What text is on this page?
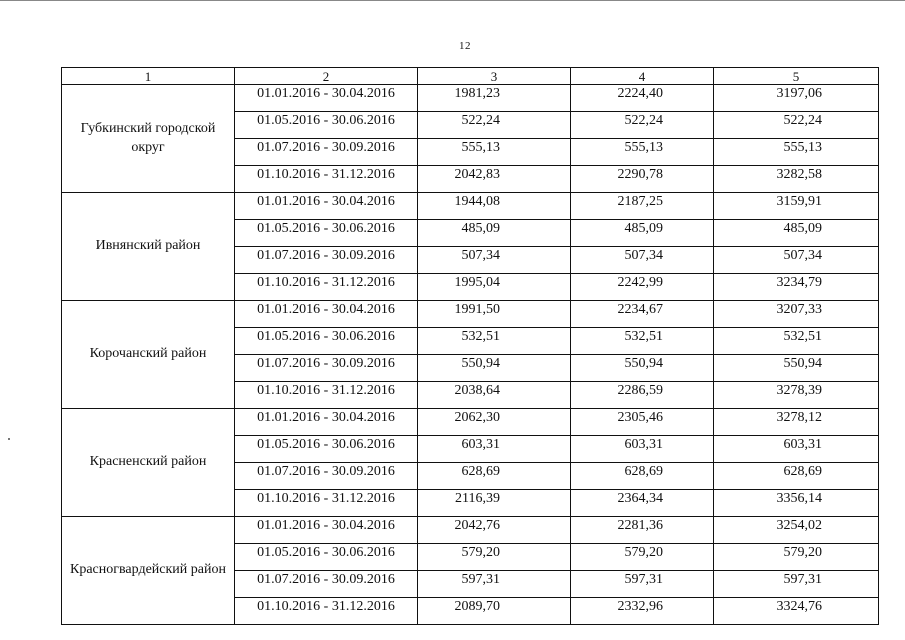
12
1	2	3	4	5
Губкинский городской округ	01.01.2016 - 30.04.2016	1981,23	2224,40	3197,06
	01.05.2016 - 30.06.2016	522,24	522,24	522,24
	01.07.2016 - 30.09.2016	555,13	555,13	555,13
	01.10.2016 - 31.12.2016	2042,83	2290,78	3282,58
Ивнянский район	01.01.2016 - 30.04.2016	1944,08	2187,25	3159,91
	01.05.2016 - 30.06.2016	485,09	485,09	485,09
	01.07.2016 - 30.09.2016	507,34	507,34	507,34
	01.10.2016 - 31.12.2016	1995,04	2242,99	3234,79
Корочанский район	01.01.2016 - 30.04.2016	1991,50	2234,67	3207,33
	01.05.2016 - 30.06.2016	532,51	532,51	532,51
	01.07.2016 - 30.09.2016	550,94	550,94	550,94
	01.10.2016 - 31.12.2016	2038,64	2286,59	3278,39
Красненский район	01.01.2016 - 30.04.2016	2062,30	2305,46	3278,12
	01.05.2016 - 30.06.2016	603,31	603,31	603,31
	01.07.2016 - 30.09.2016	628,69	628,69	628,69
	01.10.2016 - 31.12.2016	2116,39	2364,34	3356,14
Красногвардейский район	01.01.2016 - 30.04.2016	2042,76	2281,36	3254,02
	01.05.2016 - 30.06.2016	579,20	579,20	579,20
	01.07.2016 - 30.09.2016	597,31	597,31	597,31
	01.10.2016 - 31.12.2016	2089,70	2332,96	3324,76
